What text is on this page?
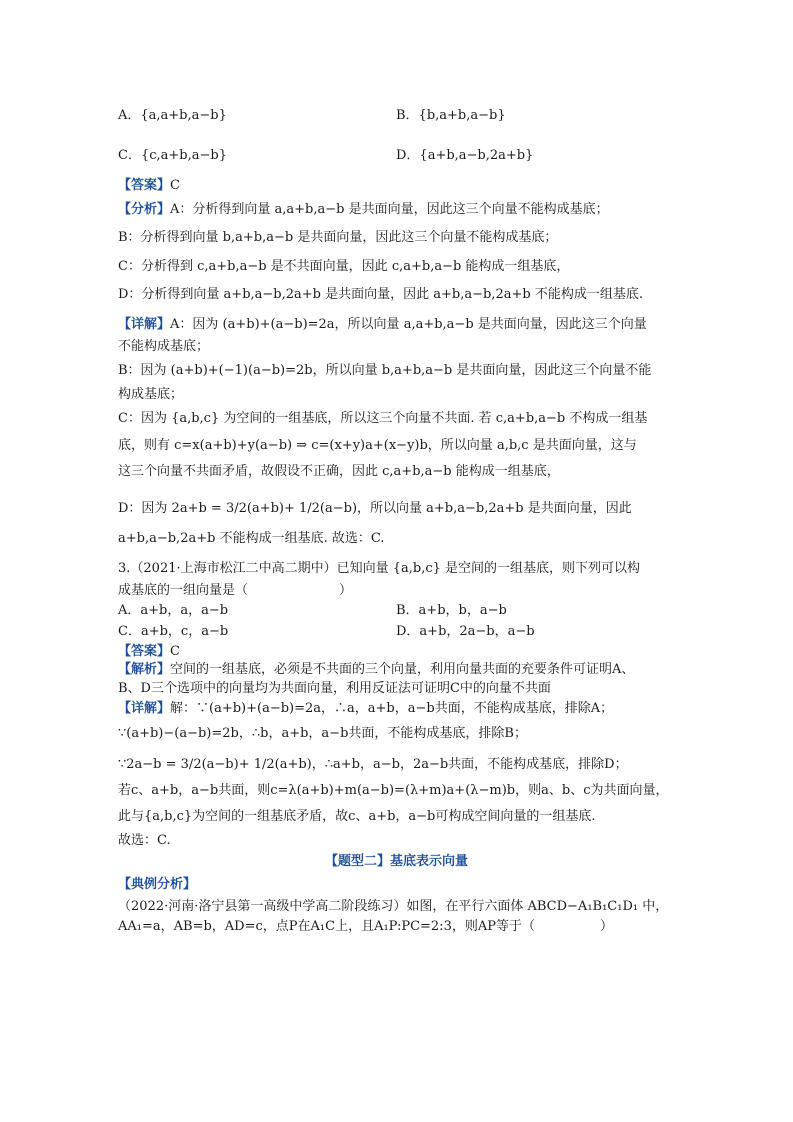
A．{a,a+b,a−b}	B．{b,a+b,a−b}
C．{c,a+b,a−b}	D．{a+b,a−b,2a+b}
【答案】C
【分析】A：分析得到向量 a,a+b,a−b 是共面向量，因此这三个向量不能构成基底；
B：分析得到向量 b,a+b,a−b 是共面向量，因此这三个向量不能构成基底；
C：分析得到 c,a+b,a−b 是不共面向量，因此 c,a+b,a−b 能构成一组基底，
D：分析得到向量 a+b,a−b,2a+b 是共面向量，因此 a+b,a−b,2a+b 不能构成一组基底.
【详解】A：因为 (a+b)+(a−b)=2a，所以向量 a,a+b,a−b 是共面向量，因此这三个向量
不能构成基底；
B：因为 (a+b)+(−1)(a−b)=2b，所以向量 b,a+b,a−b 是共面向量，因此这三个向量不能
构成基底；
C：因为 {a,b,c} 为空间的一组基底，所以这三个向量不共面. 若 c,a+b,a−b 不构成一组基
底，则有 c=x(a+b)+y(a−b) ⇒ c=(x+y)a+(x−y)b，所以向量 a,b,c 是共面向量，这与
这三个向量不共面矛盾，故假设不正确，因此 c,a+b,a−b 能构成一组基底，
D：因为 2a+b = 3/2(a+b)+ 1/2(a−b)，所以向量 a+b,a−b,2a+b 是共面向量，因此
a+b,a−b,2a+b 不能构成一组基底. 故选：C.
3.（2021·上海市松江二中高二期中）已知向量 {a,b,c} 是空间的一组基底，则下列可以构
成基底的一组向量是（　　　　　　　）
A．a+b，a，a−b	B．a+b，b，a−b
C．a+b，c，a−b	D．a+b，2a−b，a−b
【答案】C
【解析】空间的一组基底，必须是不共面的三个向量，利用向量共面的充要条件可证明A、
B、D三个选项中的向量均为共面向量，利用反证法可证明C中的向量不共面
【详解】解：∵(a+b)+(a−b)=2a，∴a，a+b，a−b共面，不能构成基底，排除A；
∵(a+b)−(a−b)=2b，∴b，a+b，a−b共面，不能构成基底，排除B；
∵2a−b = 3/2(a−b)+ 1/2(a+b)，∴a+b，a−b，2a−b共面，不能构成基底，排除D；
若c、a+b，a−b共面，则c=λ(a+b)+m(a−b)=(λ+m)a+(λ−m)b，则a、b、c为共面向量，
此与{a,b,c}为空间的一组基底矛盾，故c、a+b，a−b可构成空间向量的一组基底.
故选：C.
【题型二】基底表示向量
【典例分析】
（2022·河南·洛宁县第一高级中学高二阶段练习）如图，在平行六面体 ABCD−A₁B₁C₁D₁ 中，
AA₁=a，AB=b，AD=c，点P在A₁C上，且A₁P:PC=2:3，则AP等于（　　　　　）
